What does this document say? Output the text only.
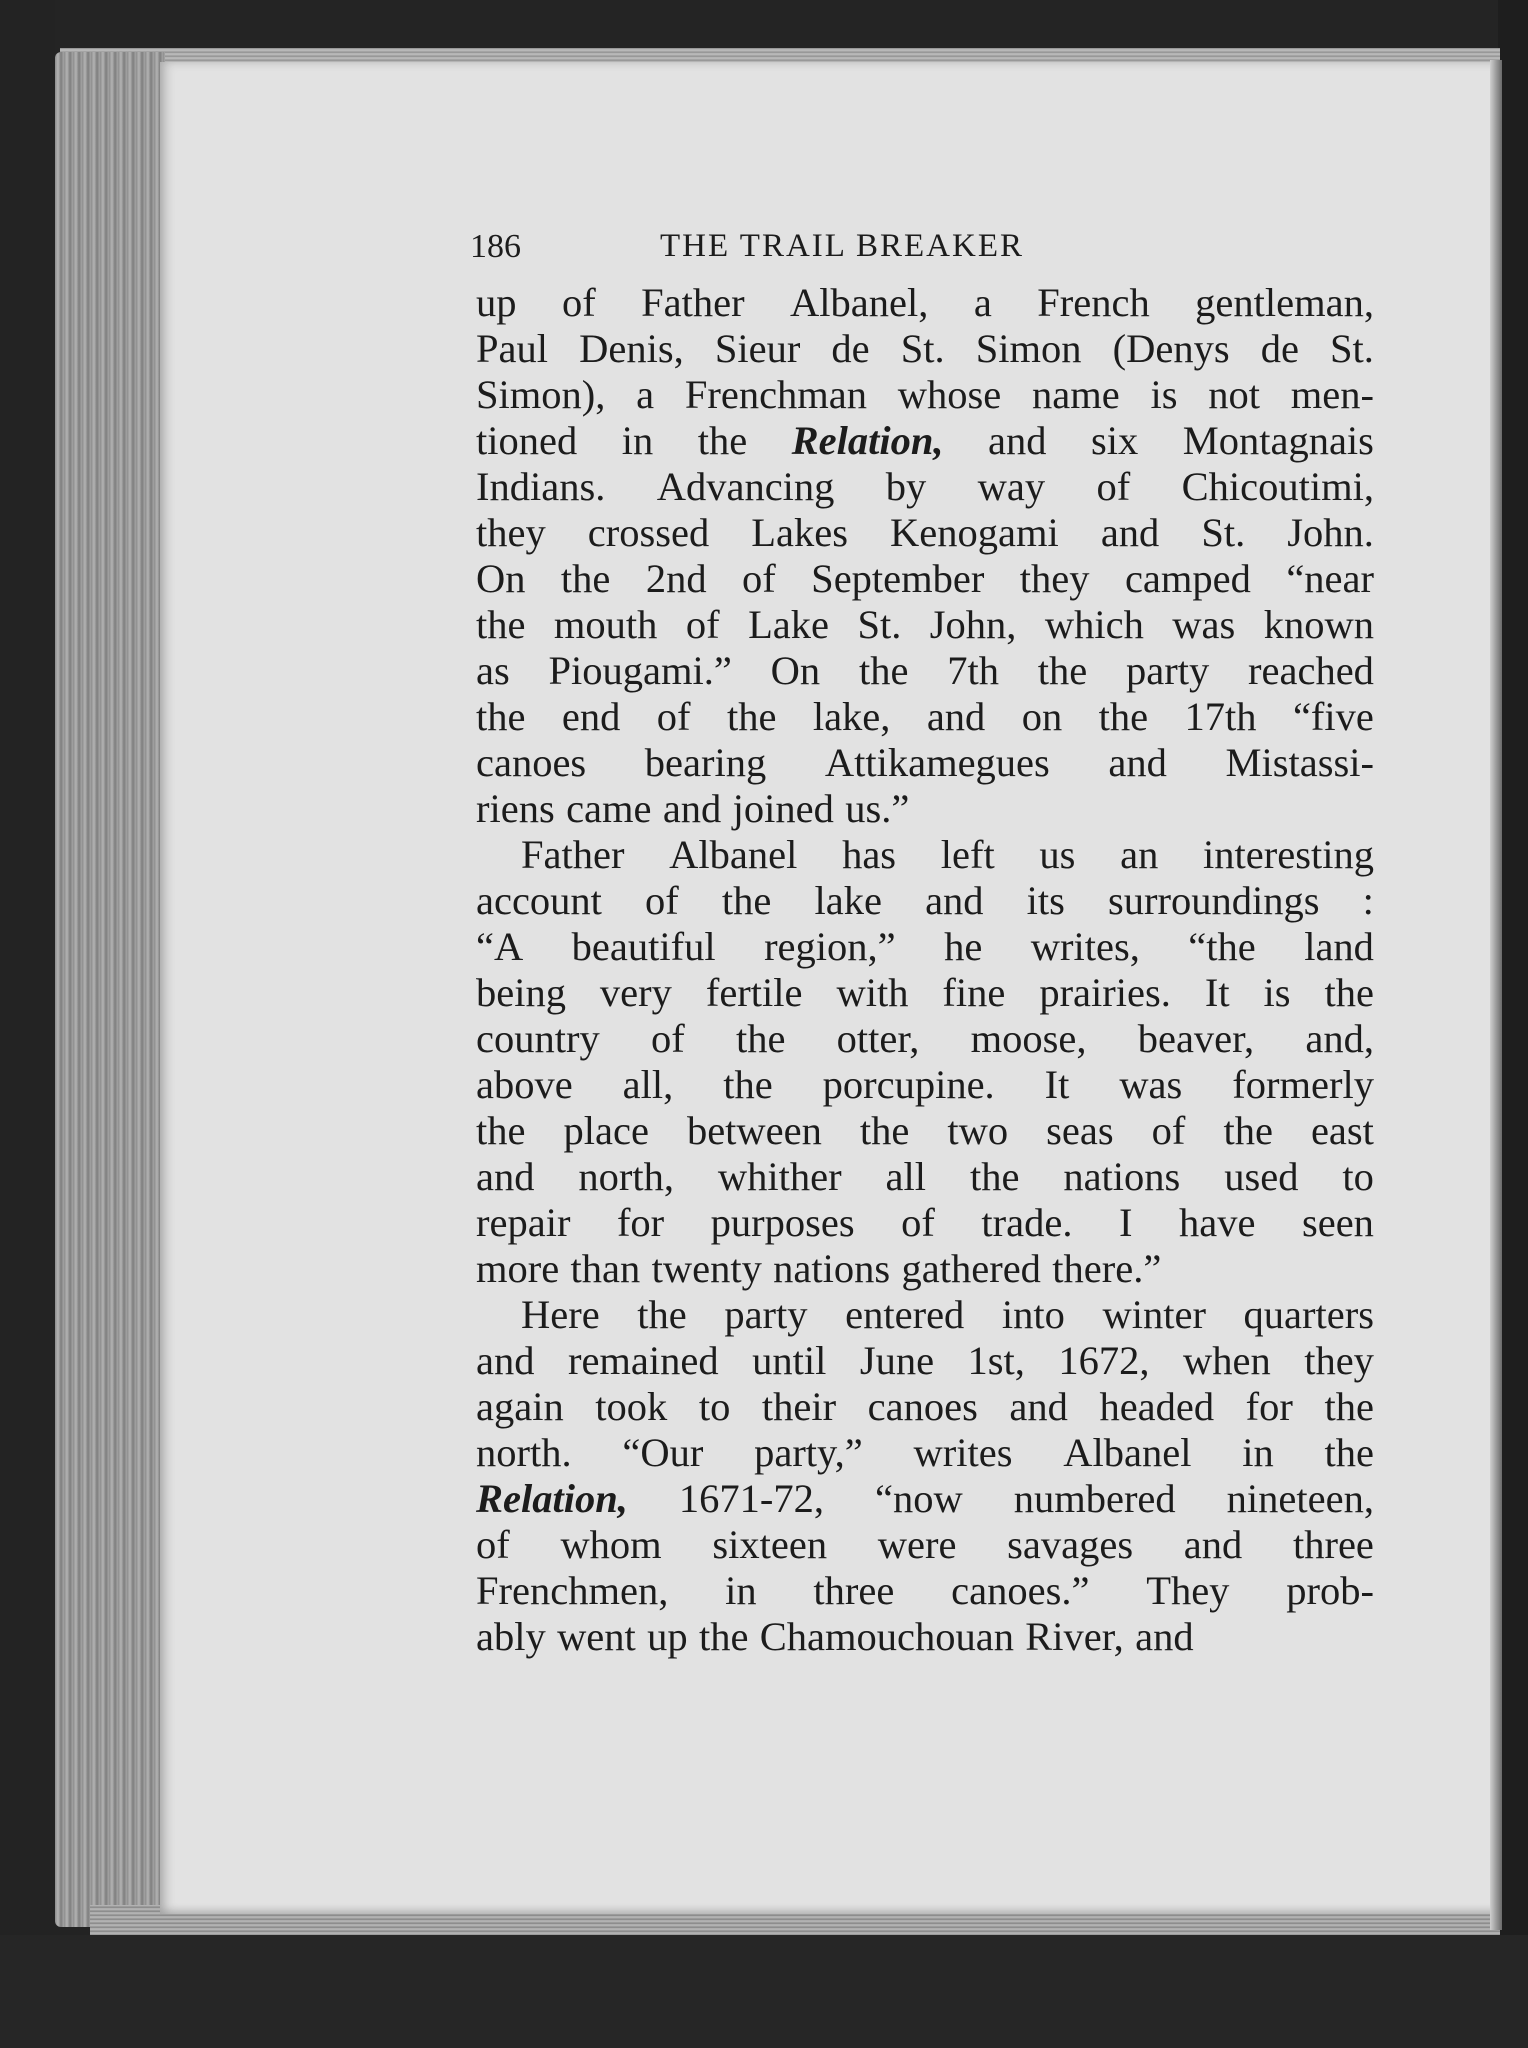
186	THE TRAIL BREAKER
up of Father Albanel, a French gentleman,
Paul Denis, Sieur de St. Simon (Denys de St.
Simon), a Frenchman whose name is not men-
tioned in the Relation, and six Montagnais
Indians. Advancing by way of Chicoutimi,
they crossed Lakes Kenogami and St. John.
On the 2nd of September they camped “near
the mouth of Lake St. John, which was known
as Piougami.” On the 7th the party reached
the end of the lake, and on the 17th “five
canoes bearing Attikamegues and Mistassi-
riens came and joined us.”
Father Albanel has left us an interesting
account of the lake and its surroundings :
“A beautiful region,” he writes, “the land
being very fertile with fine prairies. It is the
country of the otter, moose, beaver, and,
above all, the porcupine. It was formerly
the place between the two seas of the east
and north, whither all the nations used to
repair for purposes of trade. I have seen
more than twenty nations gathered there.”
Here the party entered into winter quarters
and remained until June 1st, 1672, when they
again took to their canoes and headed for the
north. “Our party,” writes Albanel in the
Relation, 1671-72, “now numbered nineteen,
of whom sixteen were savages and three
Frenchmen, in three canoes.” They prob-
ably went up the Chamouchouan River, and
